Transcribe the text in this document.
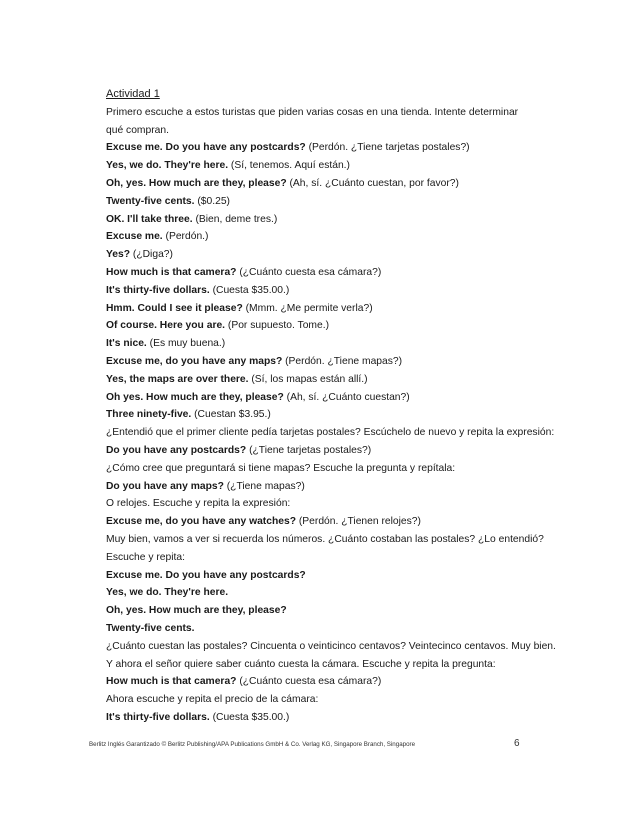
Actividad 1
Primero escuche a estos turistas que piden varias cosas en una tienda. Intente determinar qué compran.
Excuse me. Do you have any postcards? (Perdón. ¿Tiene tarjetas postales?)
Yes, we do. They're here. (Sí, tenemos. Aquí están.)
Oh, yes. How much are they, please? (Ah, sí. ¿Cuánto cuestan, por favor?)
Twenty-five cents. ($0.25)
OK. I'll take three. (Bien, deme tres.)
Excuse me. (Perdón.)
Yes? (¿Diga?)
How much is that camera? (¿Cuánto cuesta esa cámara?)
It's thirty-five dollars. (Cuesta $35.00.)
Hmm. Could I see it please? (Mmm. ¿Me permite verla?)
Of course. Here you are. (Por supuesto. Tome.)
It's nice. (Es muy buena.)
Excuse me, do you have any maps? (Perdón. ¿Tiene mapas?)
Yes, the maps are over there. (Sí, los mapas están allí.)
Oh yes. How much are they, please? (Ah, sí. ¿Cuánto cuestan?)
Three ninety-five. (Cuestan $3.95.)
¿Entendió que el primer cliente pedía tarjetas postales? Escúchelo de nuevo y repita la expresión:
Do you have any postcards? (¿Tiene tarjetas postales?)
¿Cómo cree que preguntará si tiene mapas? Escuche la pregunta y repítala:
Do you have any maps? (¿Tiene mapas?)
O relojes. Escuche y repita la expresión:
Excuse me, do you have any watches? (Perdón. ¿Tienen relojes?)
Muy bien, vamos a ver si recuerda los números. ¿Cuánto costaban las postales? ¿Lo entendió?
Escuche y repita:
Excuse me. Do you have any postcards?
Yes, we do. They're here.
Oh, yes. How much are they, please?
Twenty-five cents.
¿Cuánto cuestan las postales? Cincuenta o veinticinco centavos? Veintecinco centavos. Muy bien.
Y ahora el señor quiere saber cuánto cuesta la cámara. Escuche y repita la pregunta:
How much is that camera? (¿Cuánto cuesta esa cámara?)
Ahora escuche y repita el precio de la cámara:
It's thirty-five dollars. (Cuesta $35.00.)
Berlitz Inglés Garantizado © Berlitz Publishing/APA Publications GmbH & Co. Verlag KG, Singapore Branch, Singapore	6
